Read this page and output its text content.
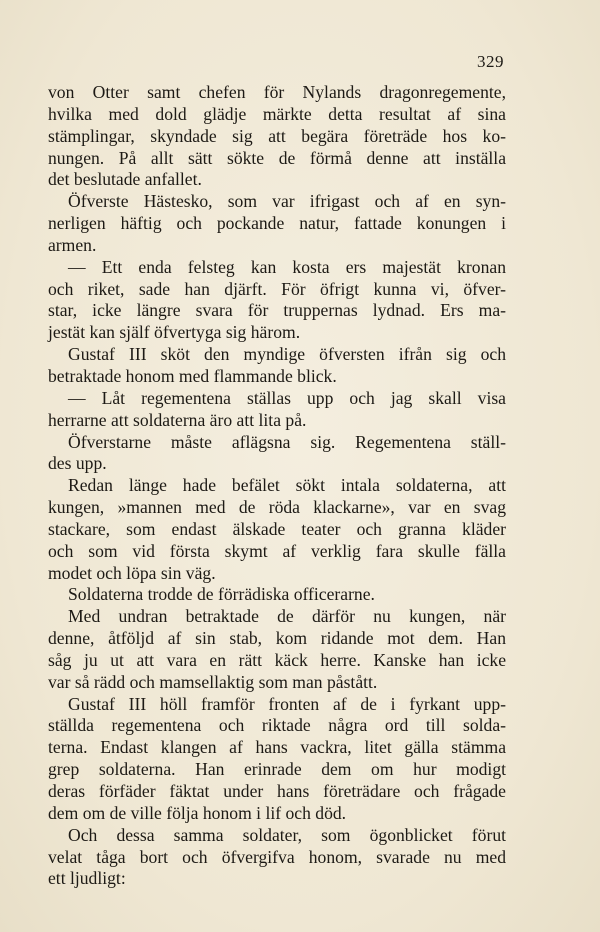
329
von Otter samt chefen för Nylands dragonregemente,
hvilka med dold glädje märkte detta resultat af sina
stämplingar, skyndade sig att begära företräde hos ko-
nungen. På allt sätt sökte de förmå denne att inställa
det beslutade anfallet.
Öfverste Hästesko, som var ifrigast och af en syn-
nerligen häftig och pockande natur, fattade konungen i
armen.
— Ett enda felsteg kan kosta ers majestät kronan
och riket, sade han djärft. För öfrigt kunna vi, öfver-
star, icke längre svara för truppernas lydnad. Ers ma-
jestät kan själf öfvertyga sig härom.
Gustaf III sköt den myndige öfversten ifrån sig och
betraktade honom med flammande blick.
— Låt regementena ställas upp och jag skall visa
herrarne att soldaterna äro att lita på.
Öfverstarne måste aflägsna sig. Regementena ställ-
des upp.
Redan länge hade befälet sökt intala soldaterna, att
kungen, »mannen med de röda klackarne», var en svag
stackare, som endast älskade teater och granna kläder
och som vid första skymt af verklig fara skulle fälla
modet och löpa sin väg.
Soldaterna trodde de förrädiska officerarne.
Med undran betraktade de därför nu kungen, när
denne, åtföljd af sin stab, kom ridande mot dem. Han
såg ju ut att vara en rätt käck herre. Kanske han icke
var så rädd och mamsellaktig som man påstått.
Gustaf III höll framför fronten af de i fyrkant upp-
ställda regementena och riktade några ord till solda-
terna. Endast klangen af hans vackra, litet gälla stämma
grep soldaterna. Han erinrade dem om hur modigt
deras förfäder fäktat under hans företrädare och frågade
dem om de ville följa honom i lif och död.
Och dessa samma soldater, som ögonblicket förut
velat tåga bort och öfvergifva honom, svarade nu med
ett ljudligt:
